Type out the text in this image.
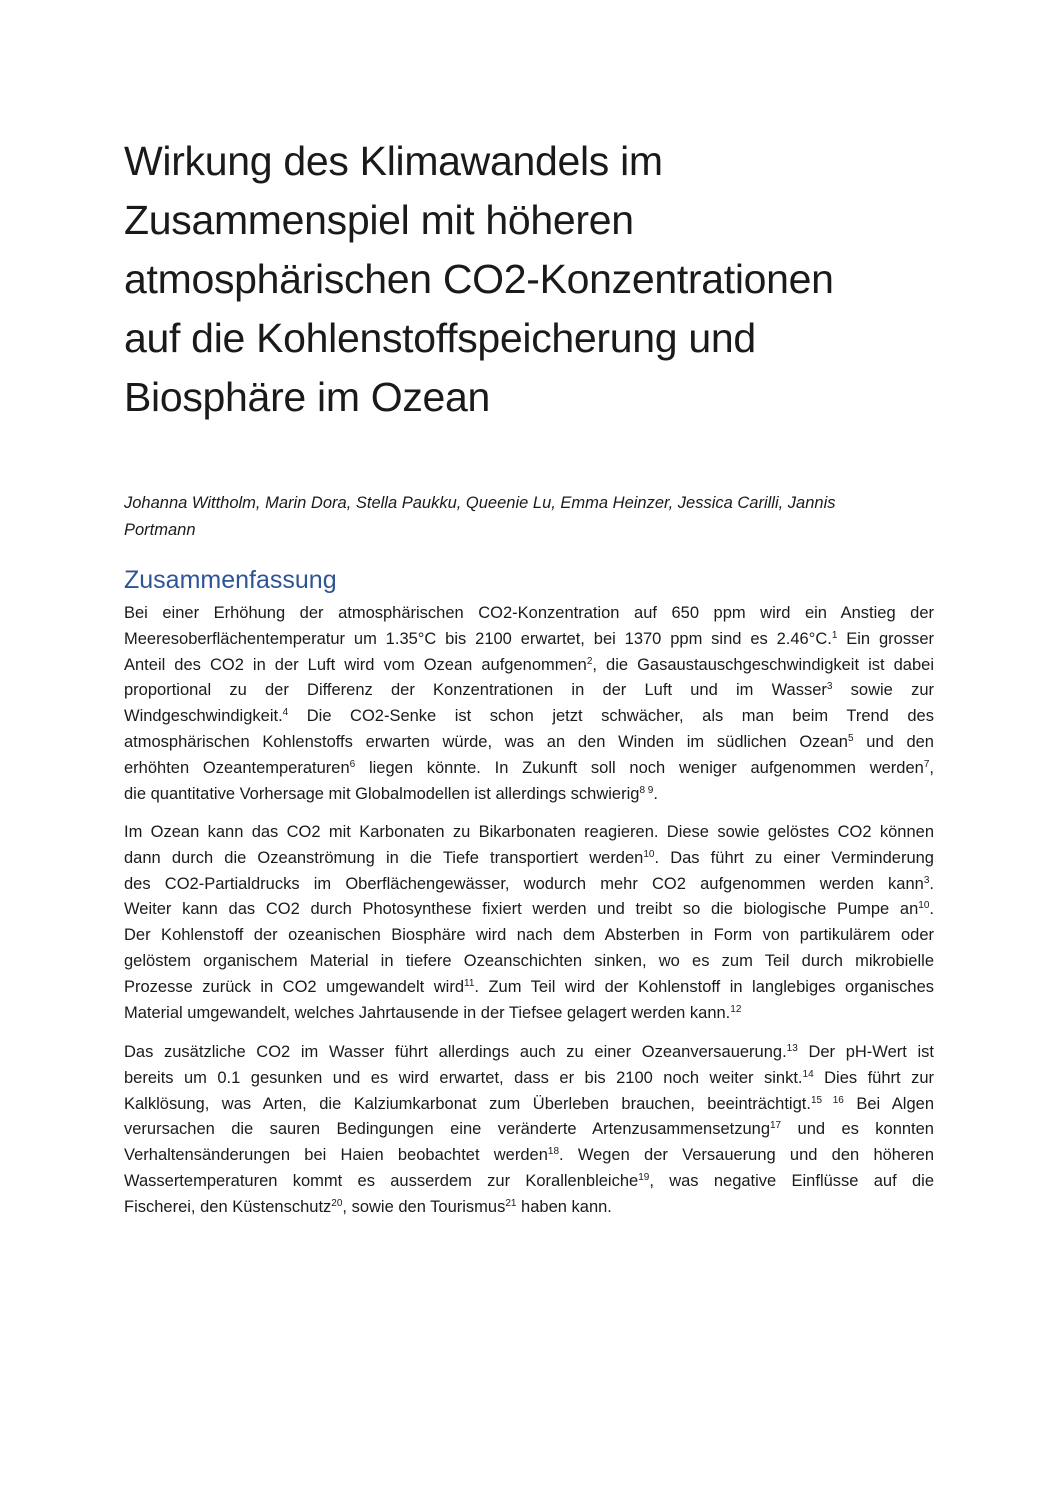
Wirkung des Klimawandels im
Zusammenspiel mit höheren
atmosphärischen CO2-Konzentrationen
auf die Kohlenstoffspeicherung und
Biosphäre im Ozean

Johanna Wittholm, Marin Dora, Stella Paukku, Queenie Lu, Emma Heinzer, Jessica Carilli, Jannis
Portmann

Zusammenfassung

Bei einer Erhöhung der atmosphärischen CO2-Konzentration auf 650 ppm wird ein Anstieg der
Meeresoberflächentemperatur um 1.35°C bis 2100 erwartet, bei 1370 ppm sind es 2.46°C.$^1$ Ein grosser
Anteil des CO2 in der Luft wird vom Ozean aufgenommen$^2$, die Gasaustauschgeschwindigkeit ist dabei
proportional zu der Differenz der Konzentrationen in der Luft und im Wasser$^3$ sowie zur
Windgeschwindigkeit.$^4$ Die CO2-Senke ist schon jetzt schwächer, als man beim Trend des
atmosphärischen Kohlenstoffs erwarten würde, was an den Winden im südlichen Ozean$^5$ und den
erhöhten Ozeantemperaturen$^6$ liegen könnte. In Zukunft soll noch weniger aufgenommen werden$^7$,
die quantitative Vorhersage mit Globalmodellen ist allerdings schwierig$^{8 9}$.

Im Ozean kann das CO2 mit Karbonaten zu Bikarbonaten reagieren. Diese sowie gelöstes CO2 können
dann durch die Ozeanströmung in die Tiefe transportiert werden$^{10}$. Das führt zu einer Verminderung
des CO2-Partialdrucks im Oberflächengewässer, wodurch mehr CO2 aufgenommen werden kann$^3$.
Weiter kann das CO2 durch Photosynthese fixiert werden und treibt so die biologische Pumpe $an^{10}$.
Der Kohlenstoff der ozeanischen Biosphäre wird nach dem Absterben in Form von partikulärem oder
gelöstem organischem Material in tiefere Ozeanschichten sinken, wo es zum Teil durch mikrobielle
Prozesse zurück in CO2 umgewandelt wird$^{11}$. Zum Teil wird der Kohlenstoff in langlebiges organisches
Material umgewandelt, welches Jahrtausende in der Tiefsee gelagert werden kann.$^{12}$

Das zusätzliche CO2 im Wasser führt allerdings auch zu einer Ozeanversauerung.$^{13}$ Der pH-Wert ist
bereits um 0.1 gesunken und es wird erwartet, dass er bis 2100 noch weiter sinkt.$^{14}$ Dies führt zur
Kalklösung, was Arten, die Kalziumkarbonat zum Überleben brauchen, beeinträchtigt.$^{15 16}$ Bei Algen
verursachen die sauren Bedingungen eine veränderte Artenzusammensetzung$^{17}$ und es konnten
Verhaltensänderungen bei Haien beobachtet werden$^{18}$. Wegen der Versauerung und den höheren
Wassertemperaturen kommt es ausserdem zur Korallenbleiche$^{19}$, was negative Einflüsse auf die
Fischerei, den Küstenschutz$^{20}$, sowie den Tourismus$^{21}$ haben kann.
